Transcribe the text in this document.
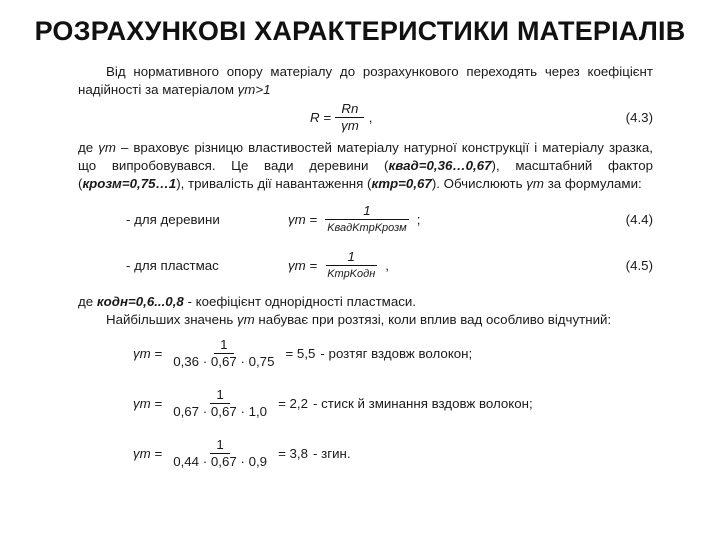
РОЗРАХУНКОВІ ХАРАКТЕРИСТИКИ МАТЕРІАЛІВ

Від нормативного опору матеріалу до розрахункового переходять через коефіцієнт надійності за матеріалом γm>1

$R = \frac{Rn}{\gamma m}$ ,	(4.3)

де γm – враховує різницю властивостей матеріалу натурної конструкції і матеріалу зразка, що випробовувався. Це вади деревини (квад=0,36…0,67), масштабний фактор (крозм=0,75…1), тривалість дії навантаження (ктр=0,67). Обчислюють γm за формулами:

- для деревини	$\gamma m = \frac{1}{\text{KвадKтрKрозм}}$ ;	(4.4)
- для пластмас	$\gamma m = \frac{1}{\text{KтрKодн}}$ ,	(4.5)

де кодн=0,6...0,8 - коефіцієнт однорідності пластмаси.

Найбільших значень γm набуває при розтязі, коли вплив вад особливо відчутний:

$\gamma m = \frac{1}{0,36 \cdot 0,67 \cdot 0,75} = 5,5$ - розтяг вздовж волокон;
$\gamma m = \frac{1}{0,67 \cdot 0,67 \cdot 1,0} = 2,2$ - стиск й зминання вздовж волокон;
$\gamma m = \frac{1}{0,44 \cdot 0,67 \cdot 0,9} = 3,8$ - згин.
